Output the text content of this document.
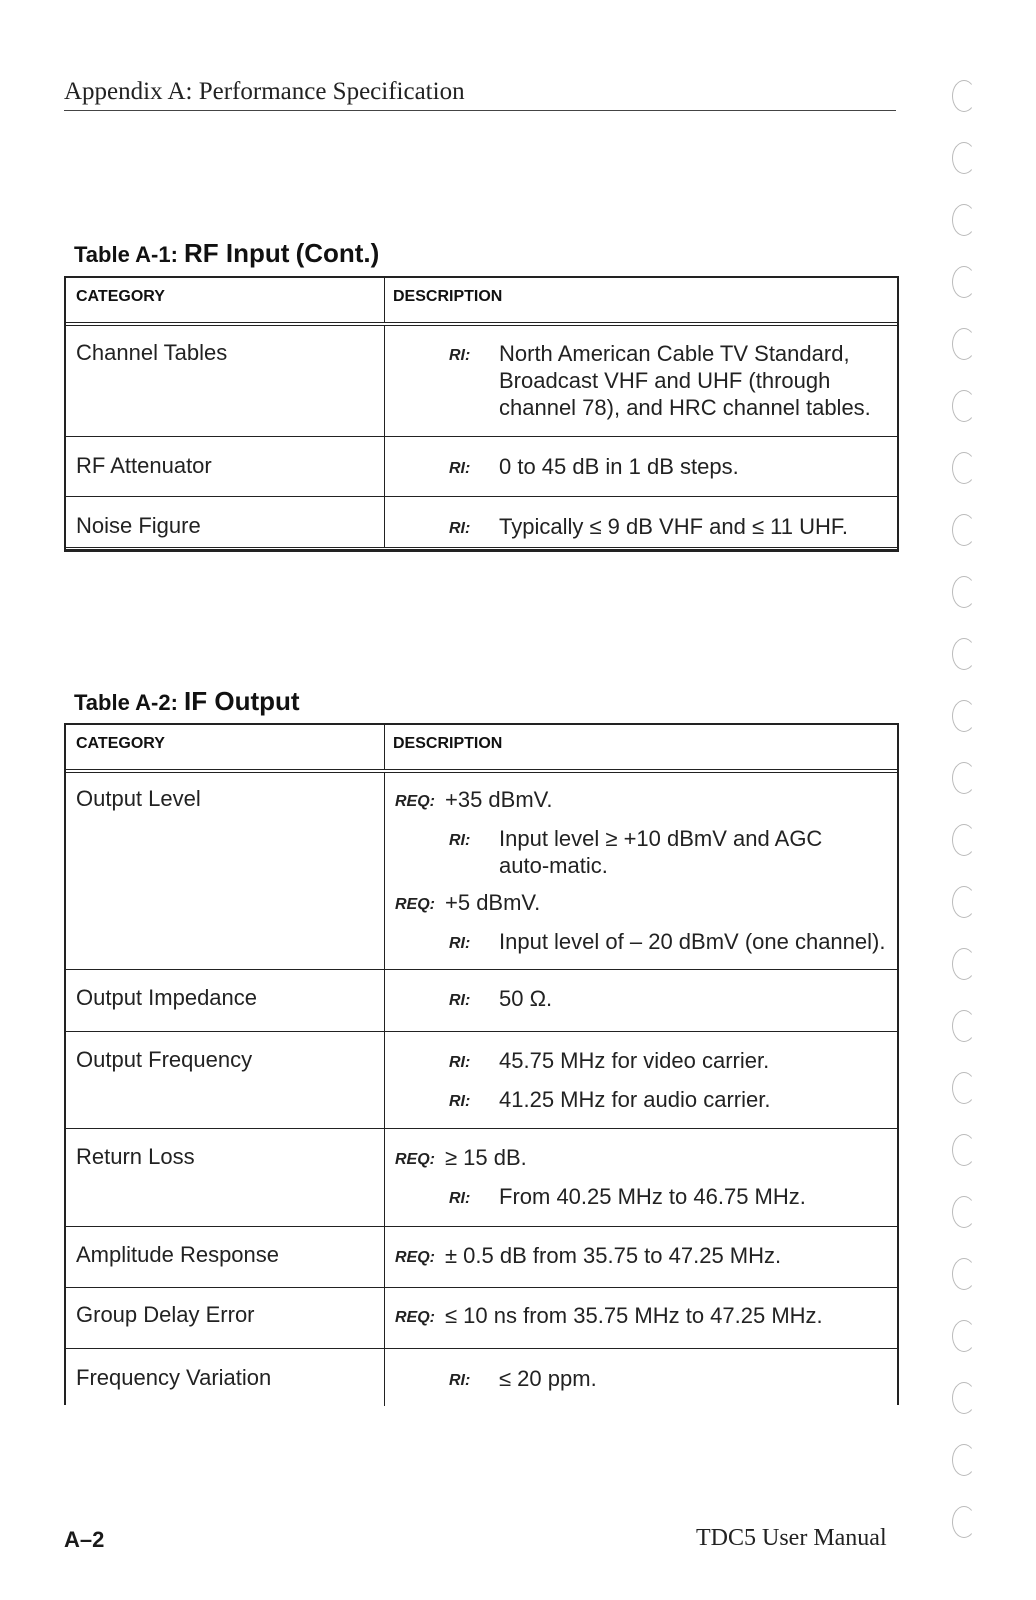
Appendix A: Performance Specification
Table A-1: RF Input (Cont.)
CATEGORY	DESCRIPTION
Channel Tables	RI:	North American Cable TV Standard, Broadcast VHF and UHF (through channel 78), and HRC channel tables.
RF Attenuator	RI:	0 to 45 dB in 1 dB steps.
Noise Figure	RI:	Typically ≤ 9 dB VHF and ≤ 11 UHF.
Table A-2: IF Output
CATEGORY	DESCRIPTION
Output Level	REQ: +35 dBmV.
RI:	Input level ≥ +10 dBmV and AGC auto-matic.
REQ: +5 dBmV.
RI:	Input level of – 20 dBmV (one channel).
Output Impedance	RI:	50 Ω.
Output Frequency	RI:	45.75 MHz for video carrier.
RI:	41.25 MHz for audio carrier.
Return Loss	REQ: ≥ 15 dB.
RI:	From 40.25 MHz to 46.75 MHz.
Amplitude Response	REQ: ± 0.5 dB from 35.75 to 47.25 MHz.
Group Delay Error	REQ: ≤ 10 ns from 35.75 MHz to 47.25 MHz.
Frequency Variation	RI:	≤ 20 ppm.
A–2	TDC5 User Manual
